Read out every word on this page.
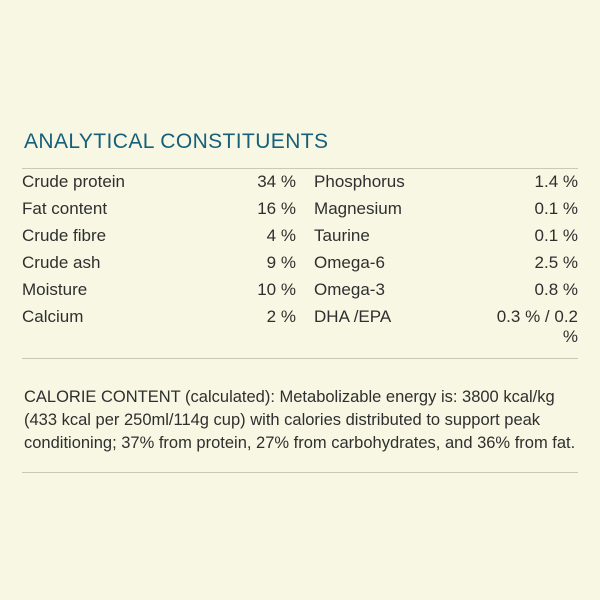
ANALYTICAL CONSTITUENTS
Crude protein	34 %		Phosphorus	1.4 %
Fat content	16 %		Magnesium	0.1 %
Crude fibre	4 %		Taurine	0.1 %
Crude ash	9 %		Omega-6	2.5 %
Moisture	10 %		Omega-3	0.8 %
Calcium	2 %		DHA /EPA	0.3 % / 0.2 %

CALORIE CONTENT (calculated): Metabolizable energy is: 3800 kcal/kg (433 kcal per 250ml/114g cup) with calories distributed to support peak conditioning; 37% from protein, 27% from carbohydrates, and 36% from fat.
